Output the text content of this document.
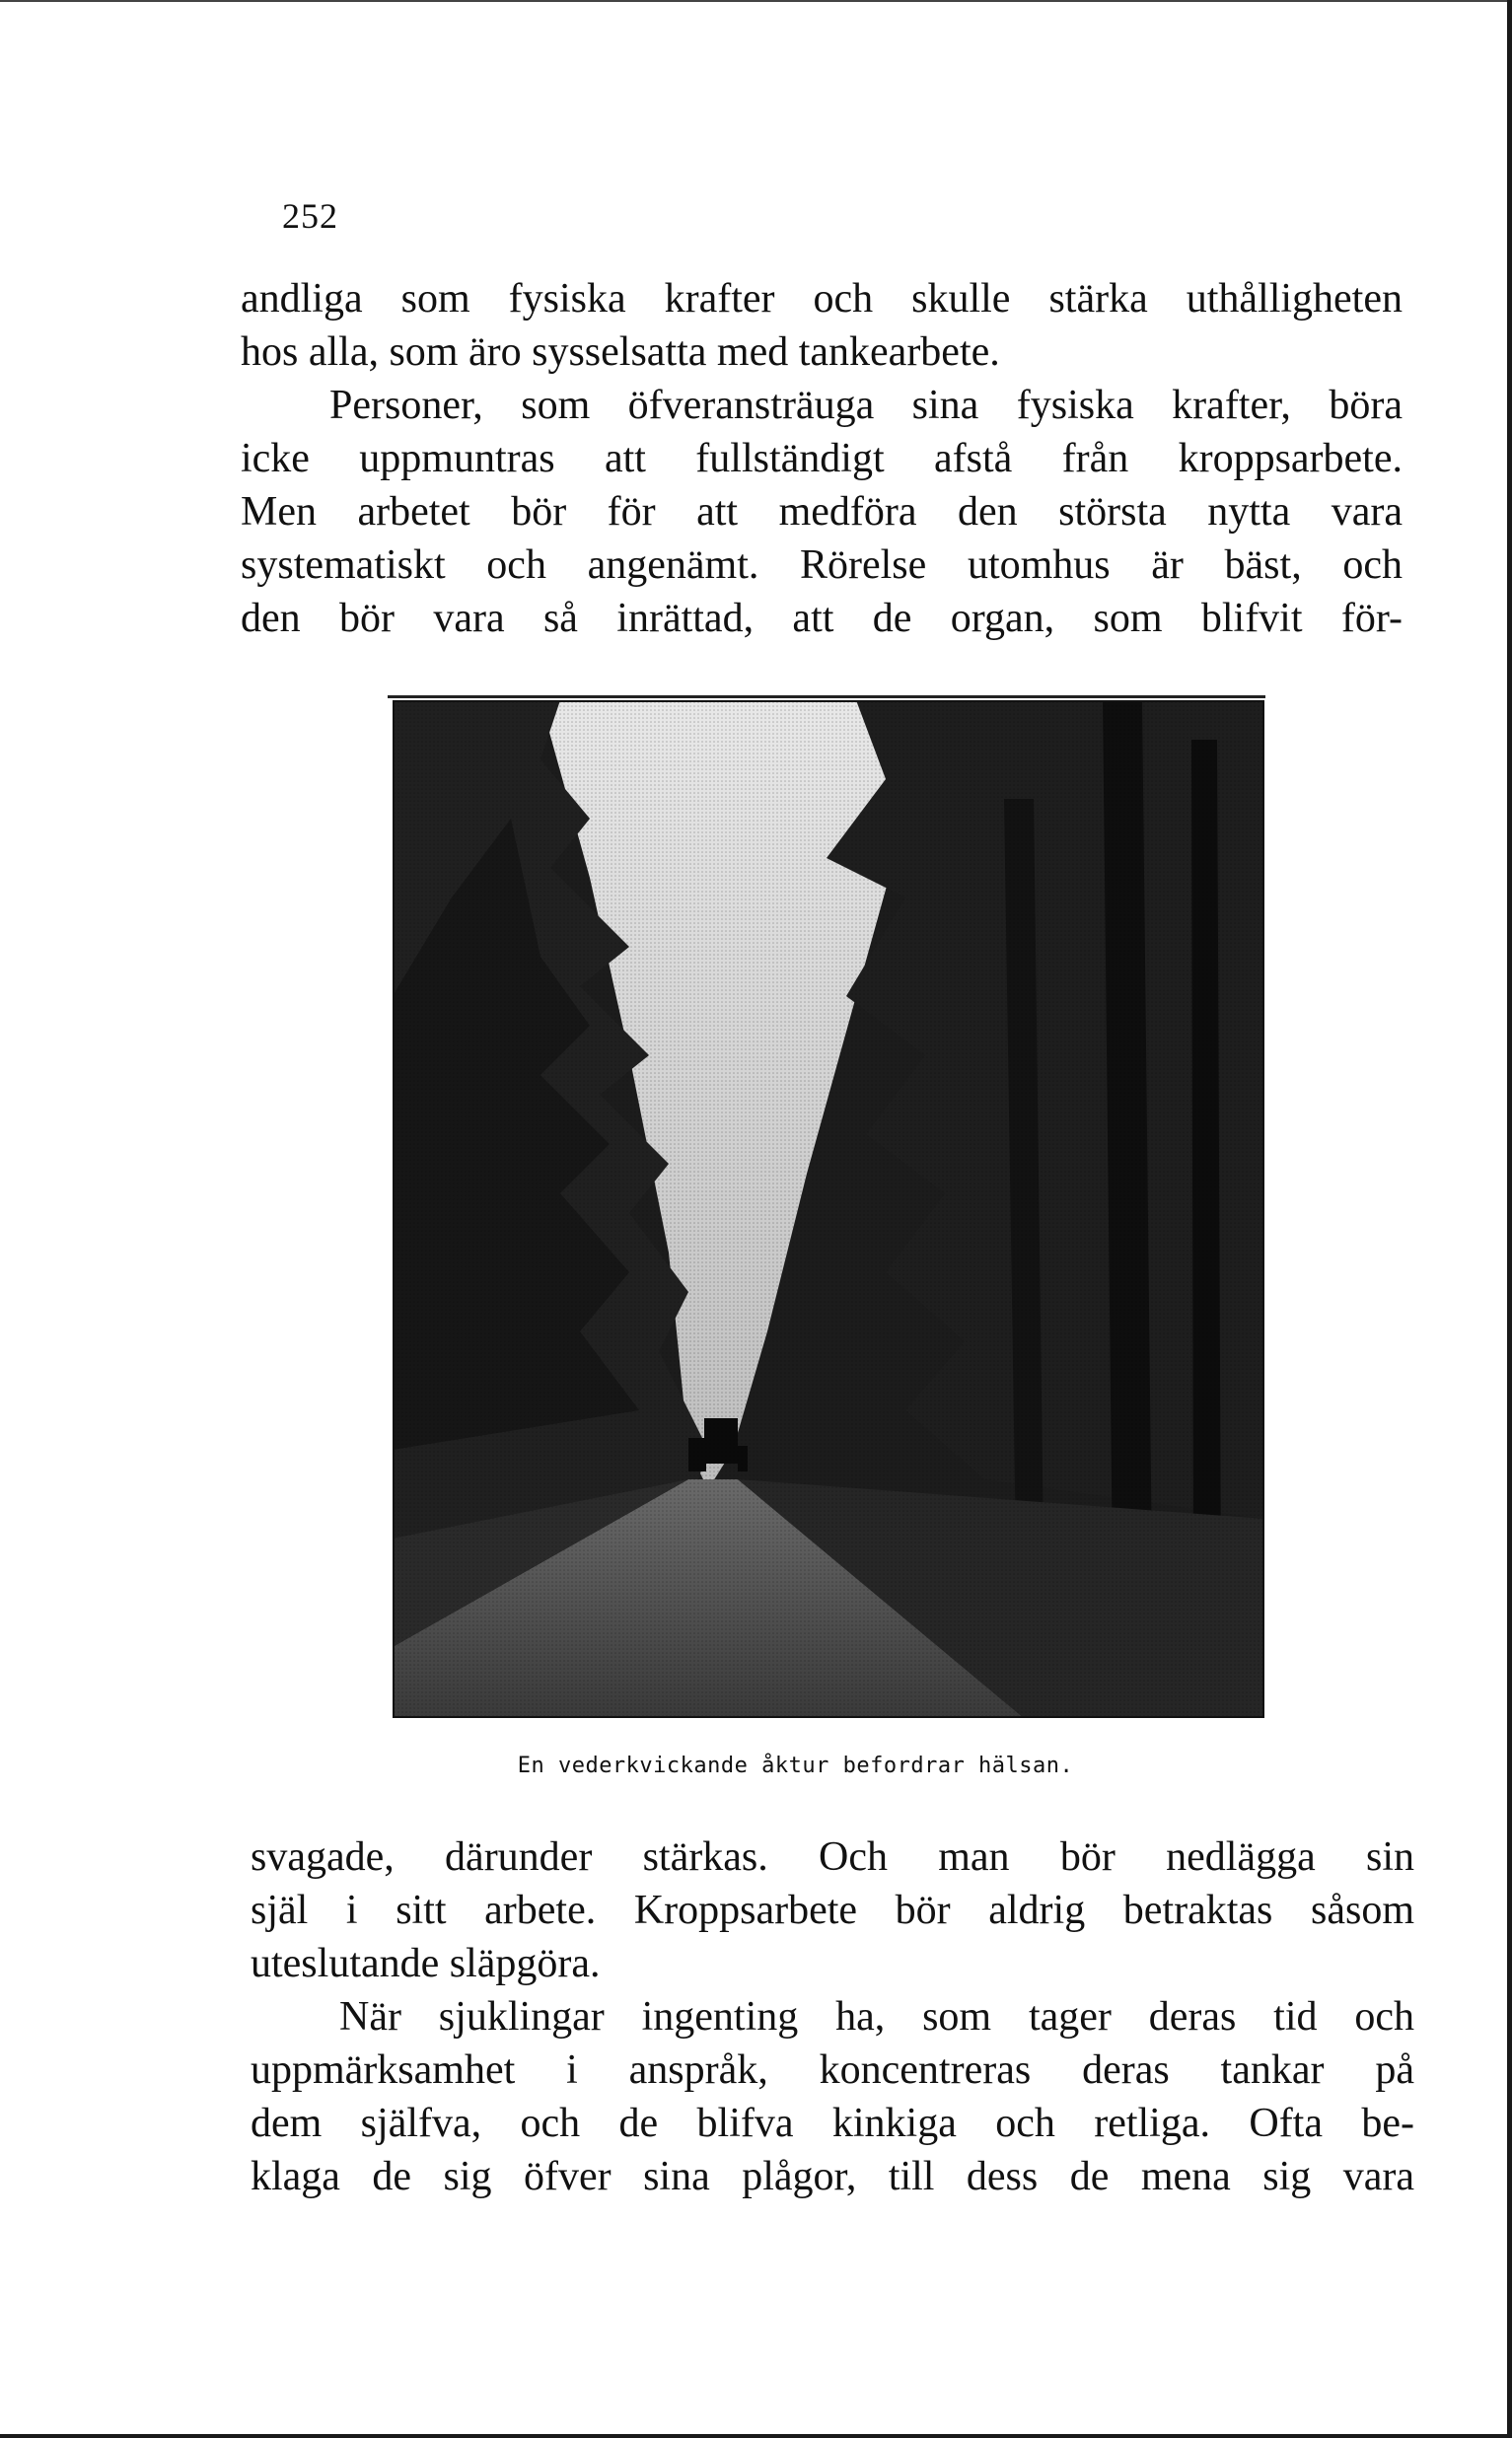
252
andliga som fysiska krafter och skulle stärka uthålligheten
hos alla, som äro sysselsatta med tankearbete.
Personer, som öfveransträuga sina fysiska krafter, böra
icke uppmuntras att fullständigt afstå från kroppsarbete.
Men arbetet bör för att medföra den största nytta vara
systematiskt och angenämt. Rörelse utomhus är bäst, och
den bör vara så inrättad, att de organ, som blifvit för-
En vederkvickande åktur befordrar hälsan.
svagade, därunder stärkas. Och man bör nedlägga sin
själ i sitt arbete. Kroppsarbete bör aldrig betraktas såsom
uteslutande släpgöra.
När sjuklingar ingenting ha, som tager deras tid och
uppmärksamhet i anspråk, koncentreras deras tankar på
dem själfva, och de blifva kinkiga och retliga. Ofta be-
klaga de sig öfver sina plågor, till dess de mena sig vara
